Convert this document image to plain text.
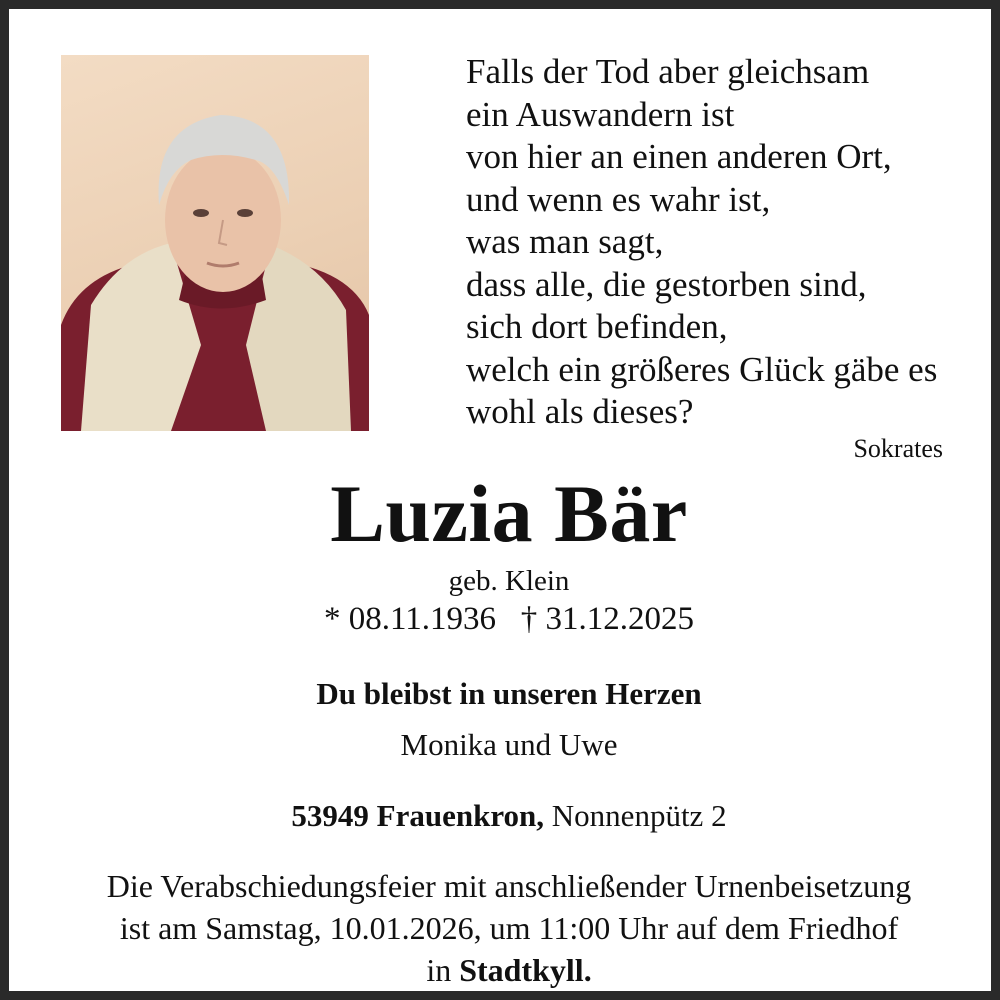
Falls der Tod aber gleichsam
ein Auswandern ist
von hier an einen anderen Ort,
und wenn es wahr ist,
was man sagt,
dass alle, die gestorben sind,
sich dort befinden,
welch ein größeres Glück gäbe es
wohl als dieses?
Sokrates
Luzia Bär
geb. Klein
* 08.11.1936 † 31.12.2025
Du bleibst in unseren Herzen
Monika und Uwe
53949 Frauenkron, Nonnenpütz 2
Die Verabschiedungsfeier mit anschließender Urnenbeisetzung
ist am Samstag, 10.01.2026, um 11:00 Uhr auf dem Friedhof
in Stadtkyll.
